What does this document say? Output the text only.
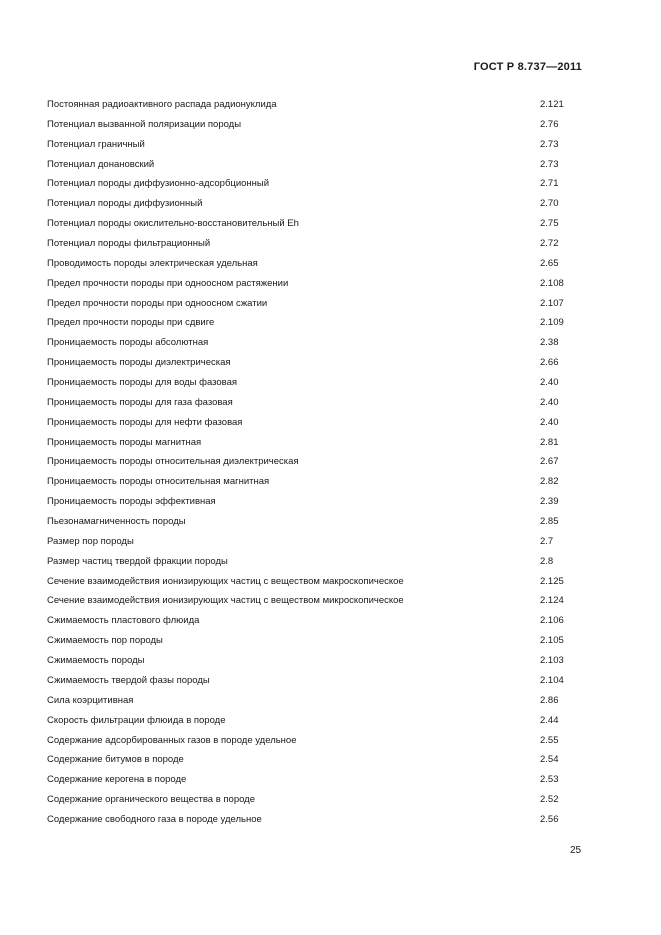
ГОСТ Р 8.737—2011
Постоянная радиоактивного распада радионуклида	2.121
Потенциал вызванной поляризации породы	2.76
Потенциал граничный	2.73
Потенциал донановский	2.73
Потенциал породы диффузионно-адсорбционный	2.71
Потенциал породы диффузионный	2.70
Потенциал породы окислительно-восстановительный Eh	2.75
Потенциал породы фильтрационный	2.72
Проводимость породы электрическая удельная	2.65
Предел прочности породы при одноосном растяжении	2.108
Предел прочности породы при одноосном сжатии	2.107
Предел прочности породы при сдвиге	2.109
Проницаемость породы абсолютная	2.38
Проницаемость породы диэлектрическая	2.66
Проницаемость породы для воды фазовая	2.40
Проницаемость породы для газа фазовая	2.40
Проницаемость породы для нефти фазовая	2.40
Проницаемость породы магнитная	2.81
Проницаемость породы относительная диэлектрическая	2.67
Проницаемость породы относительная магнитная	2.82
Проницаемость породы эффективная	2.39
Пьезонамагниченность породы	2.85
Размер пор породы	2.7
Размер частиц твердой фракции породы	2.8
Сечение взаимодействия ионизирующих частиц с веществом макроскопическое	2.125
Сечение взаимодействия ионизирующих частиц с веществом микроскопическое	2.124
Сжимаемость пластового флюида	2.106
Сжимаемость пор породы	2.105
Сжимаемость породы	2.103
Сжимаемость твердой фазы породы	2.104
Сила коэрцитивная	2.86
Скорость фильтрации флюида в породе	2.44
Содержание адсорбированных газов в породе удельное	2.55
Содержание битумов в породе	2.54
Содержание керогена в породе	2.53
Содержание органического вещества в породе	2.52
Содержание свободного газа в породе удельное	2.56
25
